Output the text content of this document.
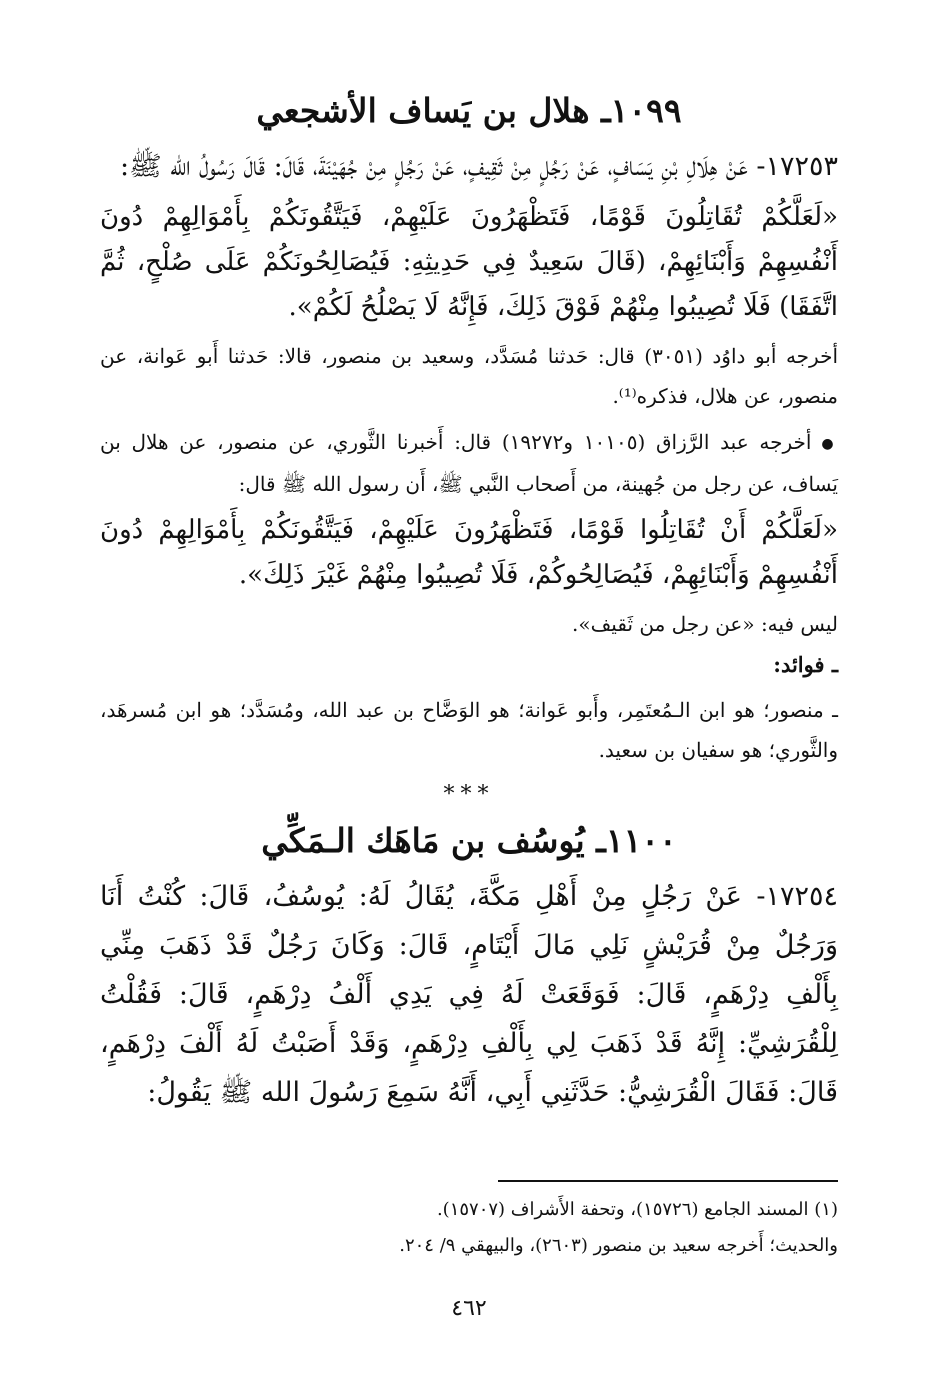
١٠٩٩ـ هلال بن يَساف الأشجعي

١٧٢٥٣- عَنْ هِلَالِ بْنِ يَسَافٍ، عَنْ رَجُلٍ مِنْ ثَقِيفٍ، عَنْ رَجُلٍ مِنْ جُهَيْنَةَ، قَالَ: قَالَ رَسُولُ الله ﷺ:

«لَعَلَّكُمْ تُقَاتِلُونَ قَوْمًا، فَتَظْهَرُونَ عَلَيْهِمْ، فَيَتَّقُونَكُمْ بِأَمْوَالِهِمْ دُونَ أَنْفُسِهِمْ وَأَبْنَائِهِمْ، (قَالَ سَعِيدٌ فِي حَدِيثِهِ: فَيُصَالِحُونَكُمْ عَلَى صُلْحٍ، ثُمَّ اتَّفَقَا) فَلَا تُصِيبُوا مِنْهُمْ فَوْقَ ذَلِكَ، فَإِنَّهُ لَا يَصْلُحُ لَكُمْ».

أخرجه أبو داوُد (٣٠٥١) قال: حَدثنا مُسَدَّد، وسعيد بن منصور، قالا: حَدثنا أَبو عَوانة، عن منصور، عن هلال، فذكره⁽¹⁾.

● أخرجه عبد الرَّزاق (١٠١٠٥ و١٩٢٧٢) قال: أَخبرنا الثَّوري، عن منصور، عن هلال بن يَساف، عن رجل من جُهينة، من أَصحاب النَّبي ﷺ، أَن رسول الله ﷺ قال:

«لَعَلَّكُمْ أَنْ تُقَاتِلُوا قَوْمًا، فَتَظْهَرُونَ عَلَيْهِمْ، فَيَتَّقُونَكُمْ بِأَمْوَالِهِمْ دُونَ أَنْفُسِهِمْ وَأَبْنَائِهِمْ، فَيُصَالِحُوكُمْ، فَلَا تُصِيبُوا مِنْهُمْ غَيْرَ ذَلِكَ».

ليس فيه: «عن رجل من ثَقيف».

ـ فوائد:

ـ منصور؛ هو ابن الـمُعتَمِر، وأَبو عَوانة؛ هو الوَضَّاح بن عبد الله، ومُسَدَّد؛ هو ابن مُسرهَد، والثَّوري؛ هو سفيان بن سعيد.

***
١١٠٠ـ يُوسُف بن مَاهَك الـمَكِّي

١٧٢٥٤- عَنْ رَجُلٍ مِنْ أَهْلِ مَكَّةَ، يُقَالُ لَهُ: يُوسُفُ، قَالَ: كُنْتُ أَنَا وَرَجُلٌ مِنْ قُرَيْشٍ نَلِي مَالَ أَيْتَامٍ، قَالَ: وَكَانَ رَجُلٌ قَدْ ذَهَبَ مِنِّي بِأَلْفِ دِرْهَمٍ، قَالَ: فَوَقَعَتْ لَهُ فِي يَدِي أَلْفُ دِرْهَمٍ، قَالَ: فَقُلْتُ لِلْقُرَشِيِّ: إِنَّهُ قَدْ ذَهَبَ لِي بِأَلْفِ دِرْهَمٍ، وَقَدْ أَصَبْتُ لَهُ أَلْفَ دِرْهَمٍ، قَالَ: فَقَالَ الْقُرَشِيُّ: حَدَّثَنِي أَبِي، أَنَّهُ سَمِعَ رَسُولَ الله ﷺ يَقُولُ:

(١) المسند الجامع (١٥٧٢٦)، وتحفة الأَشراف (١٥٧٠٧).

والحديث؛ أَخرجه سعيد بن منصور (٢٦٠٣)، والبيهقي ٩/ ٢٠٤.

٤٦٢
